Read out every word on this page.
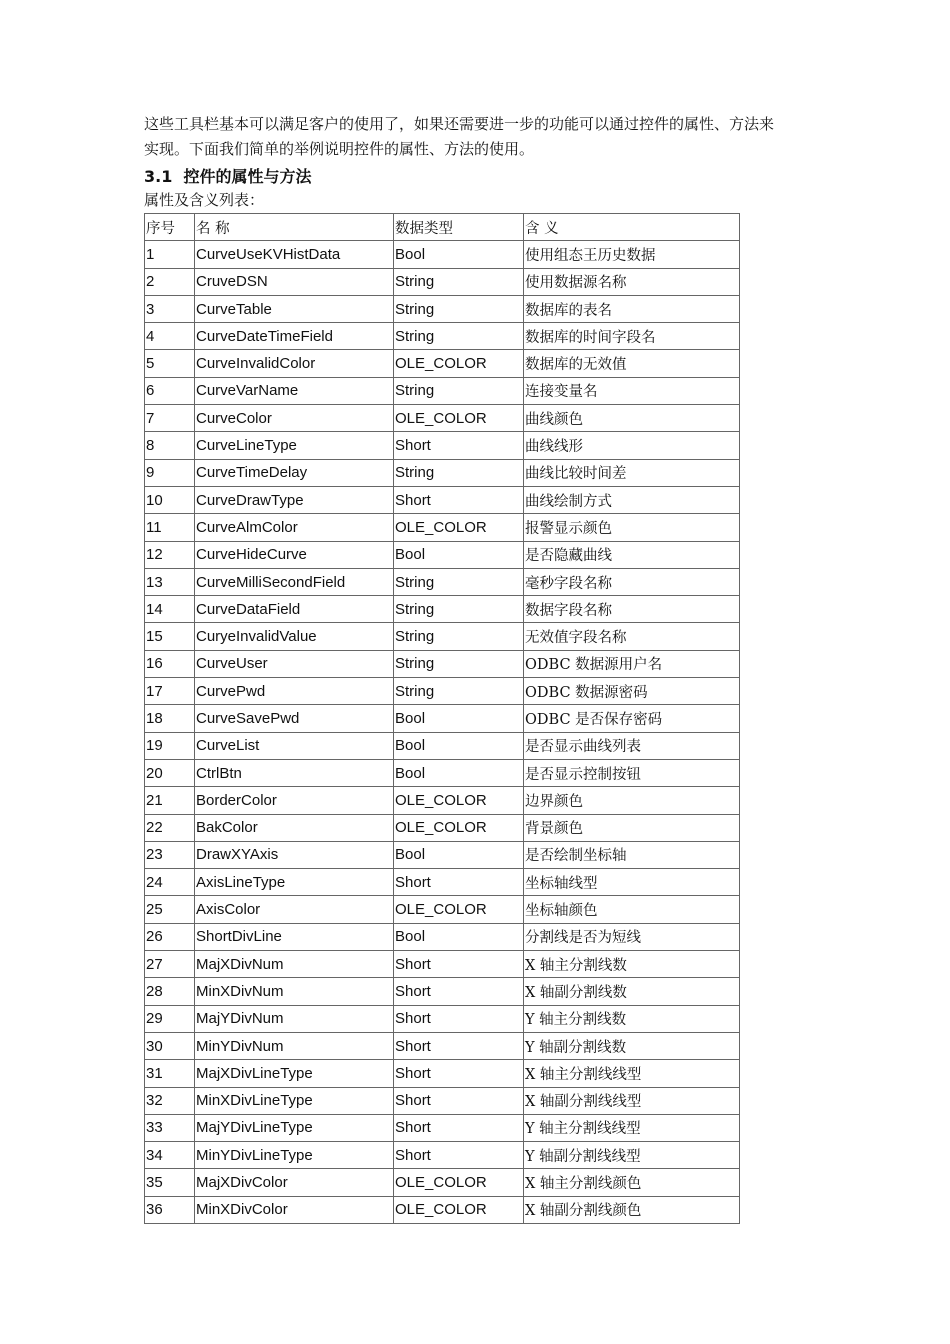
这些工具栏基本可以满足客户的使用了，如果还需要进一步的功能可以通过控件的属性、方法来实现。下面我们简单的举例说明控件的属性、方法的使用。

3.1 控件的属性与方法

属性及含义列表：

序号	名 称	数据类型	含 义
1	CurveUseKVHistData	Bool	使用组态王历史数据
2	CruveDSN	String	使用数据源名称
3	CurveTable	String	数据库的表名
4	CurveDateTimeField	String	数据库的时间字段名
5	CurveInvalidColor	OLE_COLOR	数据库的无效值
6	CurveVarName	String	连接变量名
7	CurveColor	OLE_COLOR	曲线颜色
8	CurveLineType	Short	曲线线形
9	CurveTimeDelay	String	曲线比较时间差
10	CurveDrawType	Short	曲线绘制方式
11	CurveAlmColor	OLE_COLOR	报警显示颜色
12	CurveHideCurve	Bool	是否隐藏曲线
13	CurveMilliSecondField	String	毫秒字段名称
14	CurveDataField	String	数据字段名称
15	CuryeInvalidValue	String	无效值字段名称
16	CurveUser	String	ODBC 数据源用户名
17	CurvePwd	String	ODBC 数据源密码
18	CurveSavePwd	Bool	ODBC 是否保存密码
19	CurveList	Bool	是否显示曲线列表
20	CtrlBtn	Bool	是否显示控制按钮
21	BorderColor	OLE_COLOR	边界颜色
22	BakColor	OLE_COLOR	背景颜色
23	DrawXYAxis	Bool	是否绘制坐标轴
24	AxisLineType	Short	坐标轴线型
25	AxisColor	OLE_COLOR	坐标轴颜色
26	ShortDivLine	Bool	分割线是否为短线
27	MajXDivNum	Short	X 轴主分割线数
28	MinXDivNum	Short	X 轴副分割线数
29	MajYDivNum	Short	Y 轴主分割线数
30	MinYDivNum	Short	Y 轴副分割线数
31	MajXDivLineType	Short	X 轴主分割线线型
32	MinXDivLineType	Short	X 轴副分割线线型
33	MajYDivLineType	Short	Y 轴主分割线线型
34	MinYDivLineType	Short	Y 轴副分割线线型
35	MajXDivColor	OLE_COLOR	X 轴主分割线颜色
36	MinXDivColor	OLE_COLOR	X 轴副分割线颜色
